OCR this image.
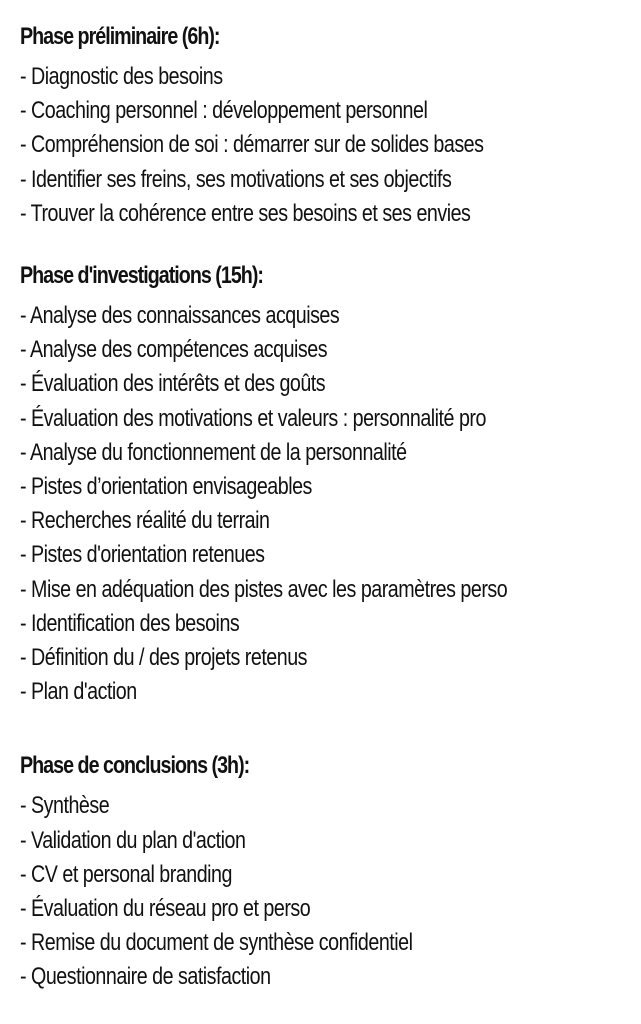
Phase préliminaire (6h):

- Diagnostic des besoins

- Coaching personnel : développement personnel

- Compréhension de soi : démarrer sur de solides bases

- Identifier ses freins, ses motivations et ses objectifs

- Trouver la cohérence entre ses besoins et ses envies

Phase d'investigations (15h):

- Analyse des connaissances acquises

- Analyse des compétences acquises

- Évaluation des intérêts et des goûts

- Évaluation des motivations et valeurs : personnalité pro

- Analyse du fonctionnement de la personnalité

- Pistes d’orientation envisageables

- Recherches réalité du terrain

- Pistes d'orientation retenues

- Mise en adéquation des pistes avec les paramètres perso

- Identification des besoins

- Définition du / des projets retenus

- Plan d'action

Phase de conclusions (3h):

- Synthèse

- Validation du plan d'action

- CV et personal branding

- Évaluation du réseau pro et perso

- Remise du document de synthèse confidentiel

- Questionnaire de satisfaction
